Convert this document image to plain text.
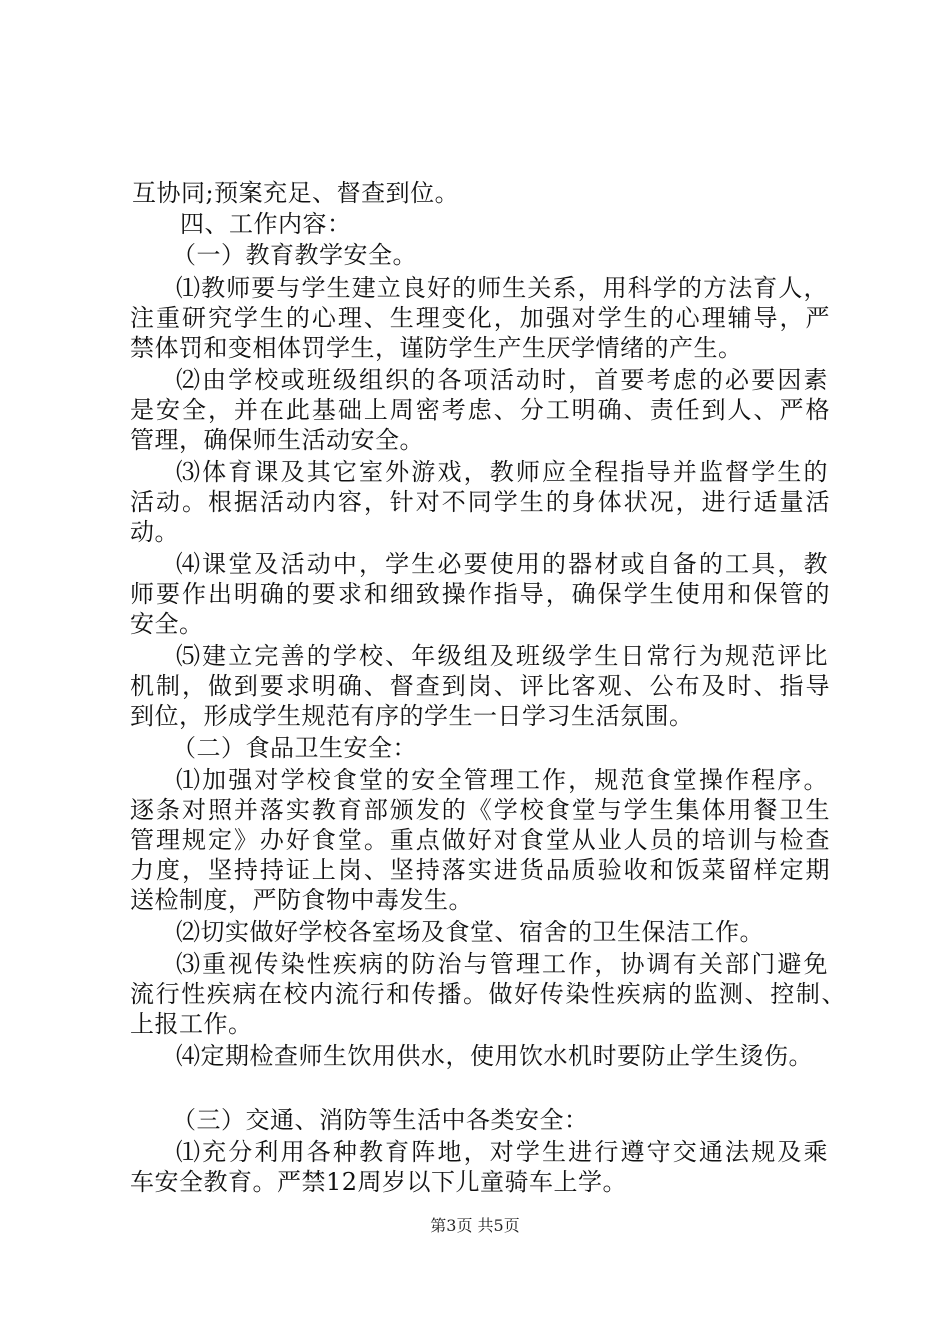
互协同;预案充足、督查到位。
四、工作内容：
（一）教育教学安全。
⑴教师要与学生建立良好的师生关系，用科学的方法育人，
注重研究学生的心理、生理变化，加强对学生的心理辅导，严
禁体罚和变相体罚学生，谨防学生产生厌学情绪的产生。
⑵由学校或班级组织的各项活动时，首要考虑的必要因素
是安全，并在此基础上周密考虑、分工明确、责任到人、严格
管理，确保师生活动安全。
⑶体育课及其它室外游戏，教师应全程指导并监督学生的
活动。根据活动内容，针对不同学生的身体状况，进行适量活
动。
⑷课堂及活动中，学生必要使用的器材或自备的工具，教
师要作出明确的要求和细致操作指导，确保学生使用和保管的
安全。
⑸建立完善的学校、年级组及班级学生日常行为规范评比
机制，做到要求明确、督查到岗、评比客观、公布及时、指导
到位，形成学生规范有序的学生一日学习生活氛围。
（二）食品卫生安全：
⑴加强对学校食堂的安全管理工作，规范食堂操作程序。
逐条对照并落实教育部颁发的《学校食堂与学生集体用餐卫生
管理规定》办好食堂。重点做好对食堂从业人员的培训与检查
力度，坚持持证上岗、坚持落实进货品质验收和饭菜留样定期
送检制度，严防食物中毒发生。
⑵切实做好学校各室场及食堂、宿舍的卫生保洁工作。
⑶重视传染性疾病的防治与管理工作，协调有关部门避免
流行性疾病在校内流行和传播。做好传染性疾病的监测、控制、
上报工作。
⑷定期检查师生饮用供水，使用饮水机时要防止学生烫伤。
（三）交通、消防等生活中各类安全：
⑴充分利用各种教育阵地，对学生进行遵守交通法规及乘
车安全教育。严禁12周岁以下儿童骑车上学。
第3页 共5页
